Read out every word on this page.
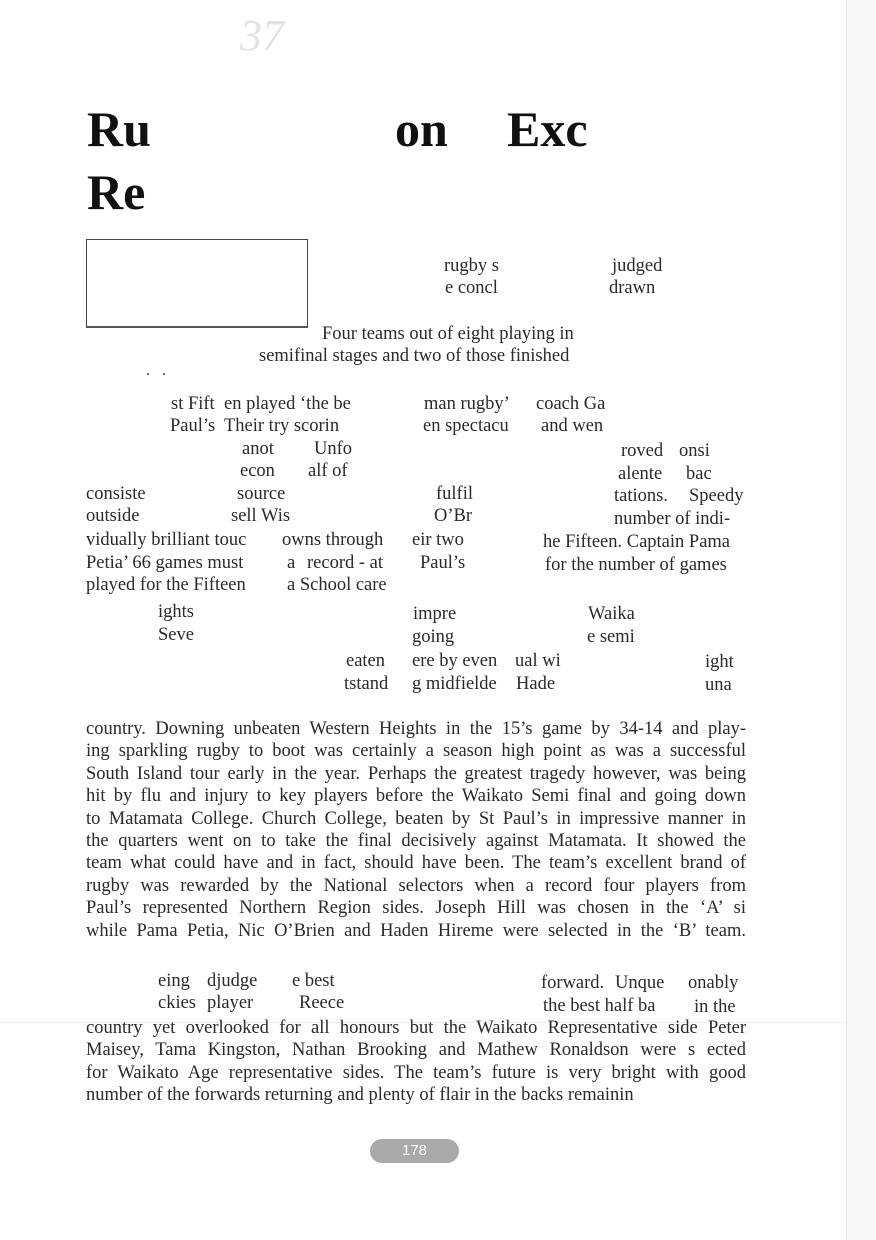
37
Ru	on Exc
Re
rugby s	judged
e concl	drawn
Four teams out of eight playing in
semifinal stages and two of those finished
. .
st Fift en played ‘the be	man rugby’ coach Ga
Paul’s Their try scorin	en spectacu and wen
anot Unfo	roved onsi
econ alf of	alente bac
consiste	source	fulfil	tations. Speedy
outside	sell Wis	O’Br	number of indi-
vidually brilliant touc owns through eir two	he Fifteen. Captain Pama
Petia’ 66 games must a record - at Paul’s	for the number of games
played for the Fifteen a School care
ights	impre	Waika
Seve	going	e semi
eaten ere by even ual wi	ight
tstand g midfielde Hade	una
country. Downing unbeaten Western Heights in the 15’s game by 34-14 and play-
ing sparkling rugby to boot was certainly a season high point as was a successful
South Island tour early in the year. Perhaps the greatest tragedy however, was being
hit by flu and injury to key players before the Waikato Semi final and going down
to Matamata College. Church College, beaten by St Paul’s in impressive manner in
the quarters went on to take the final decisively against Matamata. It showed the
team what could have and in fact, should have been. The team’s excellent brand of
rugby was rewarded by the National selectors when a record four players from
Paul’s represented Northern Region sides. Joseph Hill was chosen in the ‘A’ si
while Pama Petia, Nic O’Brien and Haden Hireme were selected in the ‘B’ team.
eing djudge e best	forward. Unque onably
ckies player Reece	the best half ba in the
country yet overlooked for all honours but the Waikato Representative side Peter
Maisey, Tama Kingston, Nathan Brooking and Mathew Ronaldson were s ected
for Waikato Age representative sides. The team’s future is very bright with good
number of the forwards returning and plenty of flair in the backs remainin
178
